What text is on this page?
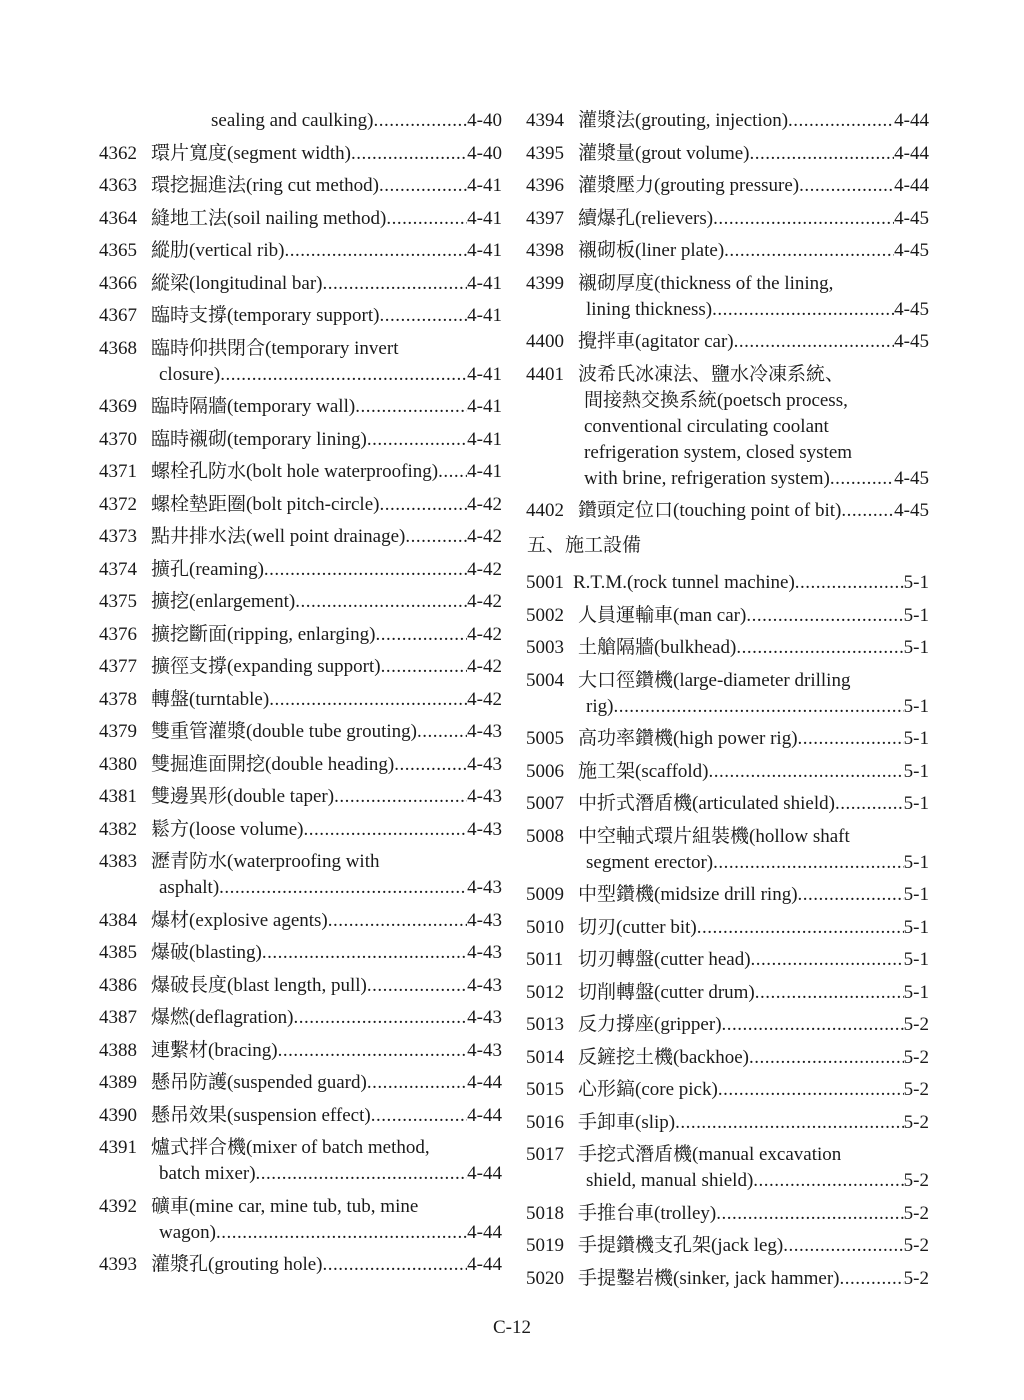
sealing and caulking) .....	4-40
4362 環片寬度(segment width) .....	4-40
4363 環挖掘進法(ring cut method) .....	4-41
4364 縫地工法(soil nailing method) .....	4-41
4365 縱肋(vertical rib) .....	4-41
4366 縱梁(longitudinal bar) .....	4-41
4367 臨時支撐(temporary support) .....	4-41
4368 臨時仰拱閉合(temporary invert
closure) .....	4-41
4369 臨時隔牆(temporary wall) .....	4-41
4370 臨時襯砌(temporary lining) .....	4-41
4371 螺栓孔防水(bolt hole waterproofing) ..... 4-41
4372 螺栓墊距圈(bolt pitch-circle) .....	4-42
4373 點井排水法(well point drainage) .....	4-42
4374 擴孔(reaming) .....	4-42
4375 擴挖(enlargement) .....	4-42
4376 擴挖斷面(ripping, enlarging) .....	4-42
4377 擴徑支撐(expanding support) .....	4-42
4378 轉盤(turntable) .....	4-42
4379 雙重管灌漿(double tube grouting) .....	4-43
4380 雙掘進面開挖(double heading) .....	4-43
4381 雙邊異形(double taper) .....	4-43
4382 鬆方(loose volume) .....	4-43
4383 瀝青防水(waterproofing with
asphalt) .....	4-43
4384 爆材(explosive agents) .....	4-43
4385 爆破(blasting) .....	4-43
4386 爆破長度(blast length, pull) .....	4-43
4387 爆燃(deflagration) .....	4-43
4388 連繫材(bracing) .....	4-43
4389 懸吊防護(suspended guard) .....	4-44
4390 懸吊效果(suspension effect) .....	4-44
4391 爐式拌合機(mixer of batch method,
batch mixer) .....	4-44
4392 礦車(mine car, mine tub, tub, mine
wagon) .....	4-44
4393 灌漿孔(grouting hole) .....	4-44
4394 灌漿法(grouting, injection) .....	4-44
4395 灌漿量(grout volume) .....	4-44
4396 灌漿壓力(grouting pressure) .....	4-44
4397 續爆孔(relievers) .....	4-45
4398 襯砌板(liner plate) .....	4-45
4399 襯砌厚度(thickness of the lining,
lining thickness) .....	4-45
4400 攪拌車(agitator car) .....	4-45
4401 波希氏冰凍法、鹽水冷凍系統、
間接熱交換系統(poetsch process,
conventional circulating coolant
refrigeration system, closed system
with brine, refrigeration system) .....	4-45
4402 鑽頭定位口(touching point of bit) .....	4-45
五、施工設備
5001 R.T.M.(rock tunnel machine) .....	5-1
5002 人員運輸車(man car) .....	5-1
5003 土艙隔牆(bulkhead) .....	5-1
5004 大口徑鑽機(large-diameter drilling
rig) .....	5-1
5005 高功率鑽機(high power rig) .....	5-1
5006 施工架(scaffold) .....	5-1
5007 中折式潛盾機(articulated shield) .....	5-1
5008 中空軸式環片組裝機(hollow shaft
segment erector) .....	5-1
5009 中型鑽機(midsize drill ring) .....	5-1
5010 切刃(cutter bit) .....	5-1
5011 切刃轉盤(cutter head) .....	5-1
5012 切削轉盤(cutter drum) .....	5-1
5013 反力撐座(gripper) .....	5-2
5014 反鏟挖土機(backhoe) .....	5-2
5015 心形鎬(core pick) .....	5-2
5016 手卸車(slip) .....	5-2
5017 手挖式潛盾機(manual excavation
shield, manual shield) .....	5-2
5018 手推台車(trolley) .....	5-2
5019 手提鑽機支孔架(jack leg) .....	5-2
5020 手提鑿岩機(sinker, jack hammer) .....	5-2
C-12
